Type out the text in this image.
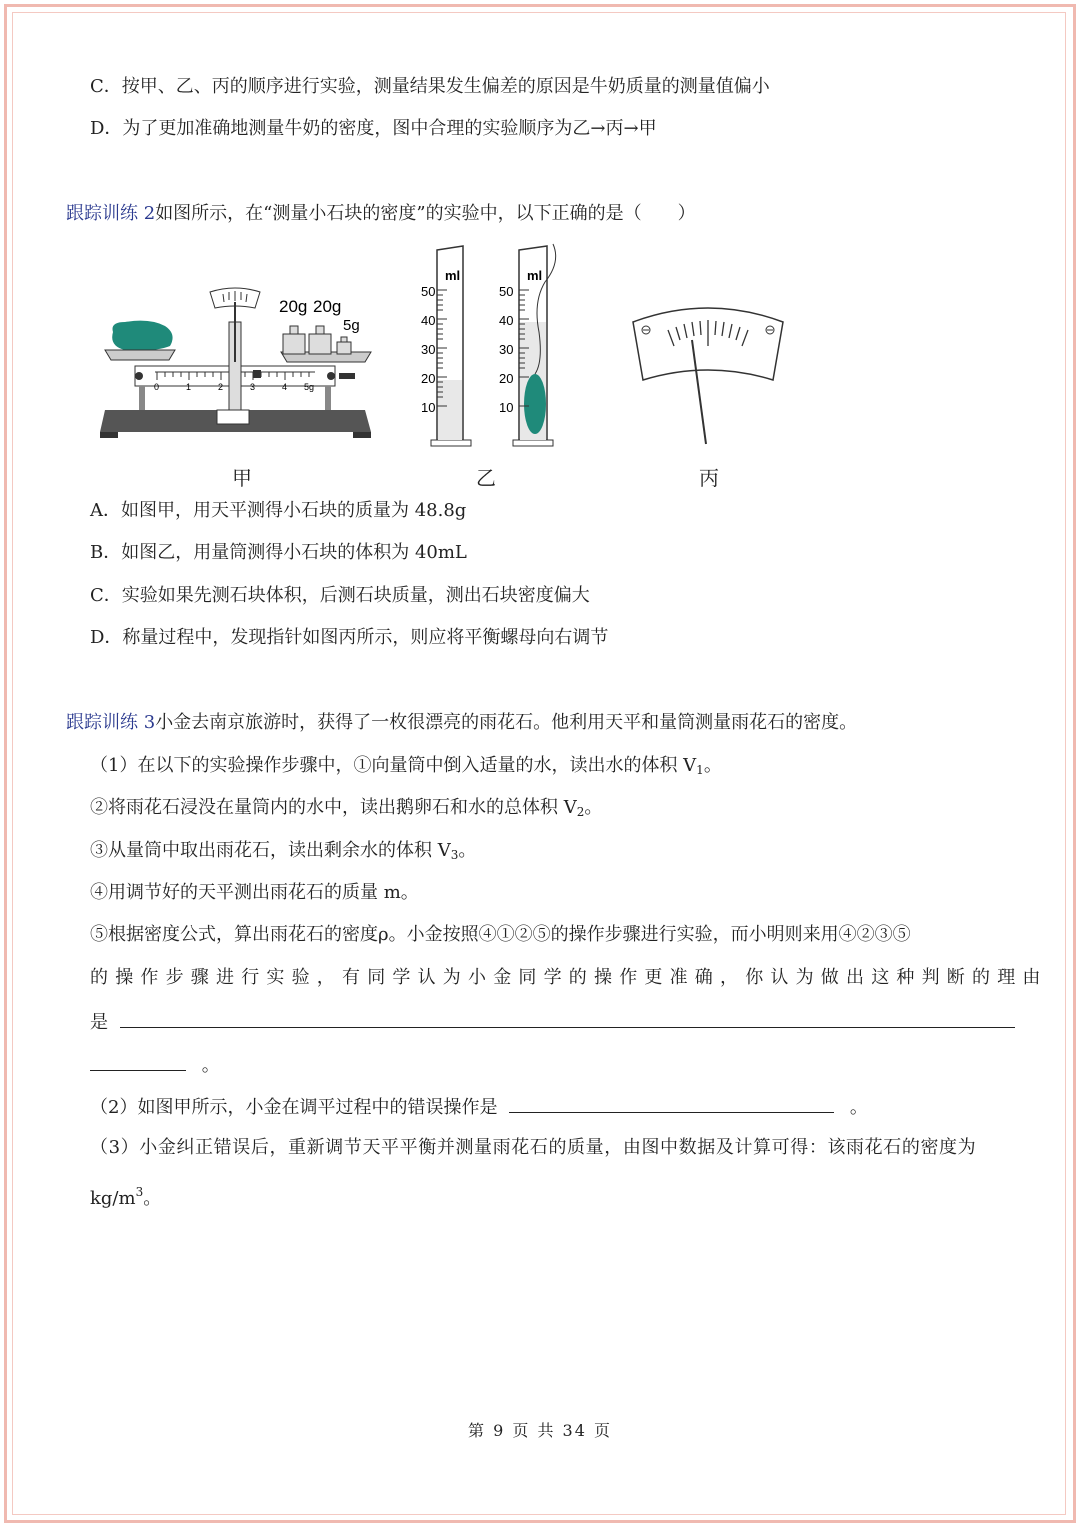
C．按甲、乙、丙的顺序进行实验，测量结果发生偏差的原因是牛奶质量的测量值偏小
D．为了更加准确地测量牛奶的密度，图中合理的实验顺序为乙→丙→甲
跟踪训练 2如图所示，在“测量小石块的密度”的实验中，以下正确的是（　　）
0	1	2	3	4 5g
20g 20g
5g
ml
50
40
30
20
10
ml
50
40
30
20
10
甲	乙	丙
A．如图甲，用天平测得小石块的质量为 48.8g
B．如图乙，用量筒测得小石块的体积为 40mL
C．实验如果先测石块体积，后测石块质量，测出石块密度偏大
D．称量过程中，发现指针如图丙所示，则应将平衡螺母向右调节
跟踪训练 3小金去南京旅游时，获得了一枚很漂亮的雨花石。他利用天平和量筒测量雨花石的密度。
（1）在以下的实验操作步骤中，①向量筒中倒入适量的水，读出水的体积 $V_1$。
②将雨花石浸没在量筒内的水中，读出鹅卵石和水的总体积 $V_2$。
③从量筒中取出雨花石，读出剩余水的体积 $V_3$。
④用调节好的天平测出雨花石的质量 m。
⑤根据密度公式，算出雨花石的密度ρ。小金按照④①②⑤的操作步骤进行实验，而小明则来用④②③⑤
的操作步骤进行实验，有同学认为小金同学的操作更准确，你认为做出这种判断的理由
是
。
（2）如图甲所示，小金在调平过程中的错误操作是	。
（3）小金纠正错误后，重新调节天平平衡并测量雨花石的质量，由图中数据及计算可得：该雨花石的密度为
$kg/m^3$。
第 9 页 共 34 页
